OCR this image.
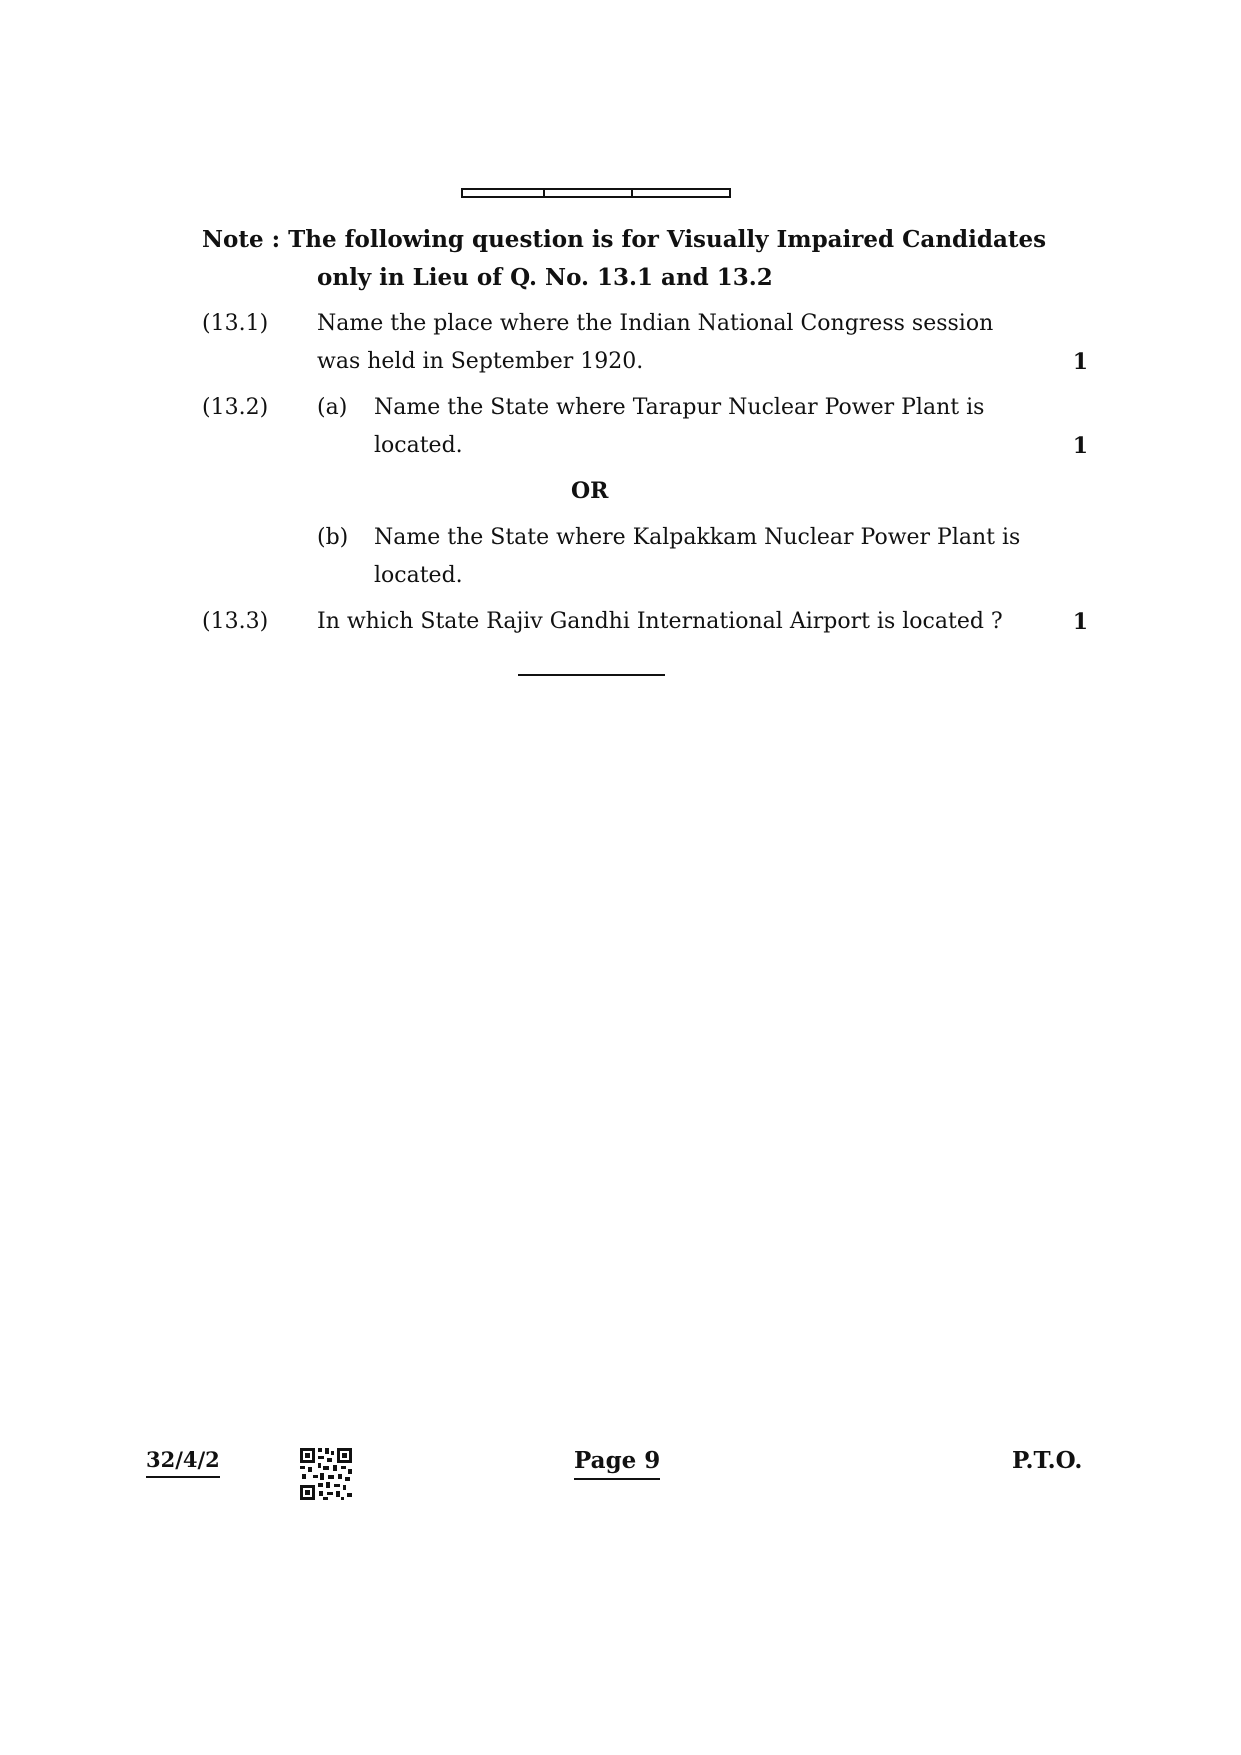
Note : The following question is for Visually Impaired Candidates
only in Lieu of Q. No. 13.1 and 13.2
(13.1) Name the place where the Indian National Congress session
was held in September 1920.	1
(13.2) (a) Name the State where Tarapur Nuclear Power Plant is
located.	1
OR
(b) Name the State where Kalpakkam Nuclear Power Plant is
located.
(13.3) In which State Rajiv Gandhi International Airport is located ?	1
32/4/2	Page 9	P.T.O.
